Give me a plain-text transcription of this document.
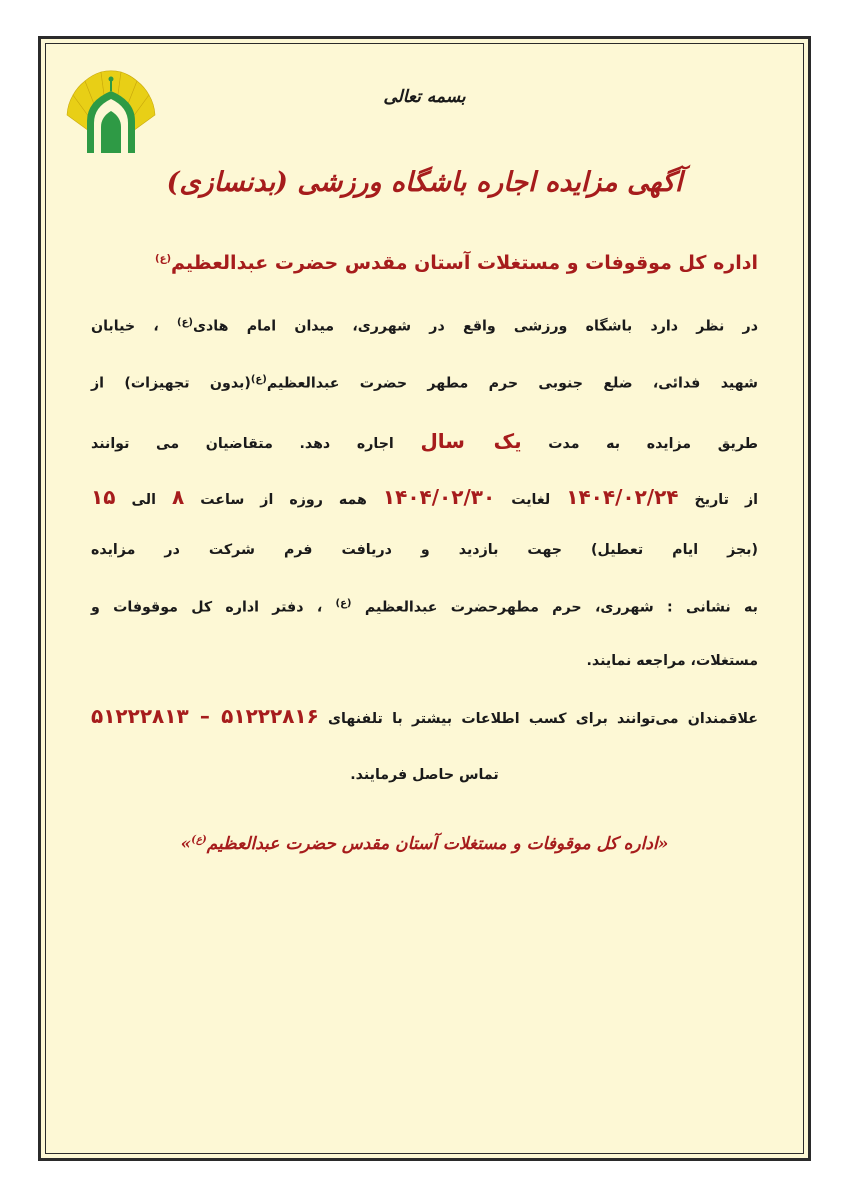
بسمه تعالی
آگهی مزایده اجاره باشگاه ورزشی (بدنسازی)
اداره کل موقوفات و مستغلات آستان مقدس حضرت عبدالعظیم$^{(ع)}$
در نظر دارد باشگاه ورزشی واقع در شهرری، میدان امام هادی$^{(ع)}$ ، خیابان
شهید فدائی، ضلع جنوبی حرم مطهر حضرت عبدالعظیم$^{(ع)}$(بدون تجهیزات) از
طریق مزایده به مدت یک سال اجاره دهد. متقاضیان می توانند
از تاریخ ۱۴۰۴/۰۲/۲۴ لغایت ۱۴۰۴/۰۲/۳۰ همه روزه از ساعت ۸ الی ۱۵
(بجز ایام تعطیل) جهت بازدید و دریافت فرم شرکت در مزایده
به نشانی : شهرری، حرم مطهرحضرت عبدالعظیم $^{(ع)}$ ، دفتر اداره کل موقوفات و
مستغلات، مراجعه نمایند.
علاقمندان می‌توانند برای کسب اطلاعات بیشتر با تلفنهای ۵۱۲۲۲۸۱۶ – ۵۱۲۲۲۸۱۳
تماس حاصل فرمایند.
«اداره کل موقوفات و مستغلات آستان مقدس حضرت عبدالعظیم$^{(ع)}$»
